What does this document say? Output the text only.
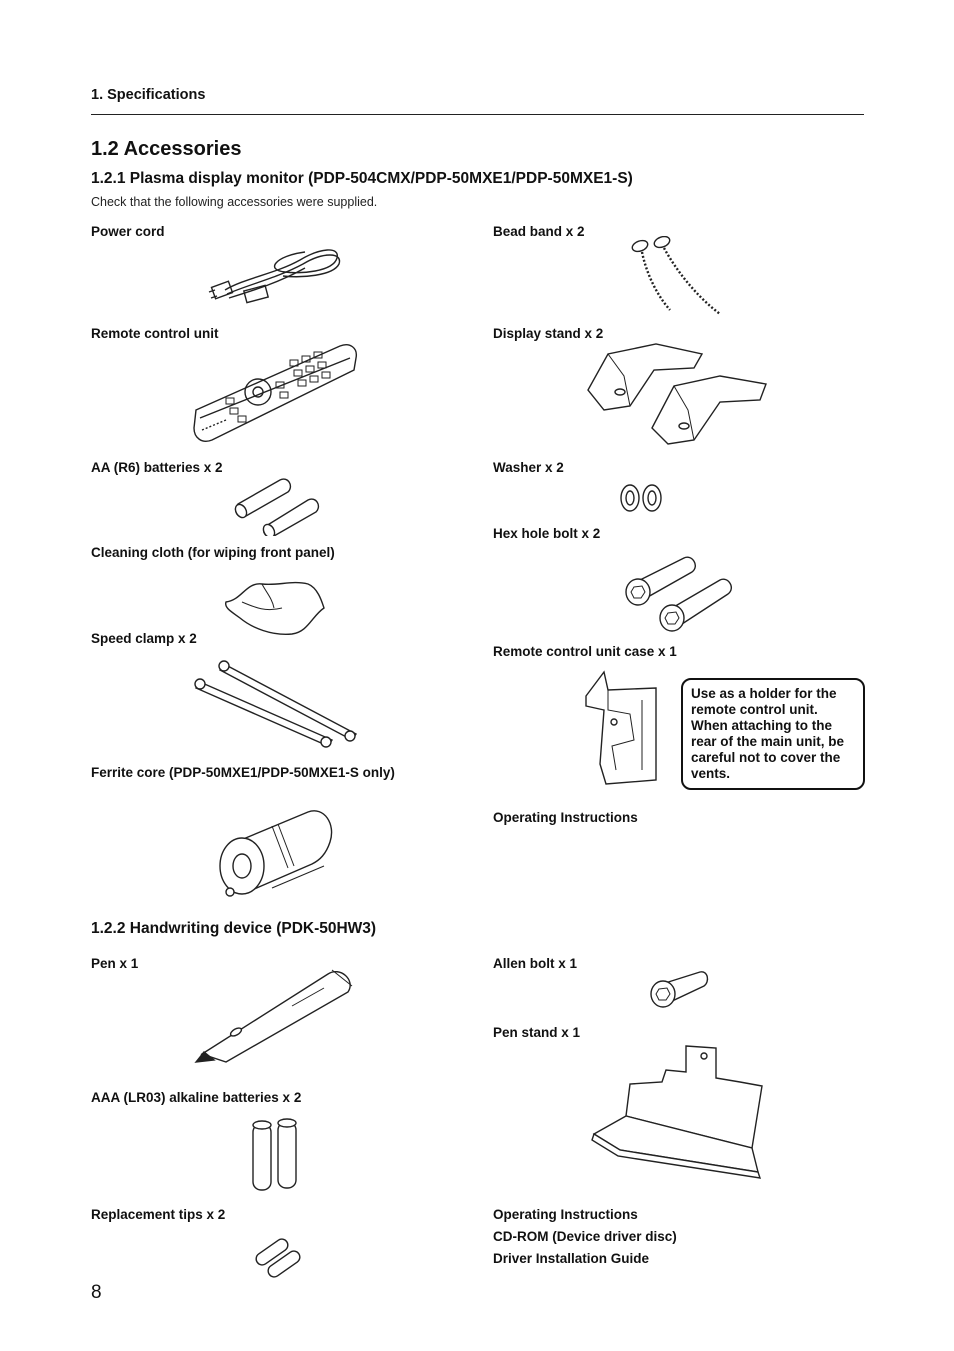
1. Specifications
1.2 Accessories
1.2.1 Plasma display monitor (PDP-504CMX/PDP-50MXE1/PDP-50MXE1-S)
Check that the following accessories were supplied.
Power cord
Remote control unit
AA (R6) batteries x 2
Cleaning cloth (for wiping front panel)
Speed clamp x 2
Ferrite core (PDP-50MXE1/PDP-50MXE1-S only)
Bead band x 2
Display stand x 2
Washer x 2
Hex hole bolt x 2
Remote control unit case x 1
Use as a holder for the remote control unit. When attaching to the rear of the main unit, be careful not to cover the vents.
Operating Instructions
1.2.2 Handwriting device (PDK-50HW3)
Pen x 1
AAA (LR03) alkaline batteries x 2
Replacement tips x 2
Allen bolt x 1
Pen stand x 1
Operating Instructions
CD-ROM (Device driver disc)
Driver Installation Guide
8
